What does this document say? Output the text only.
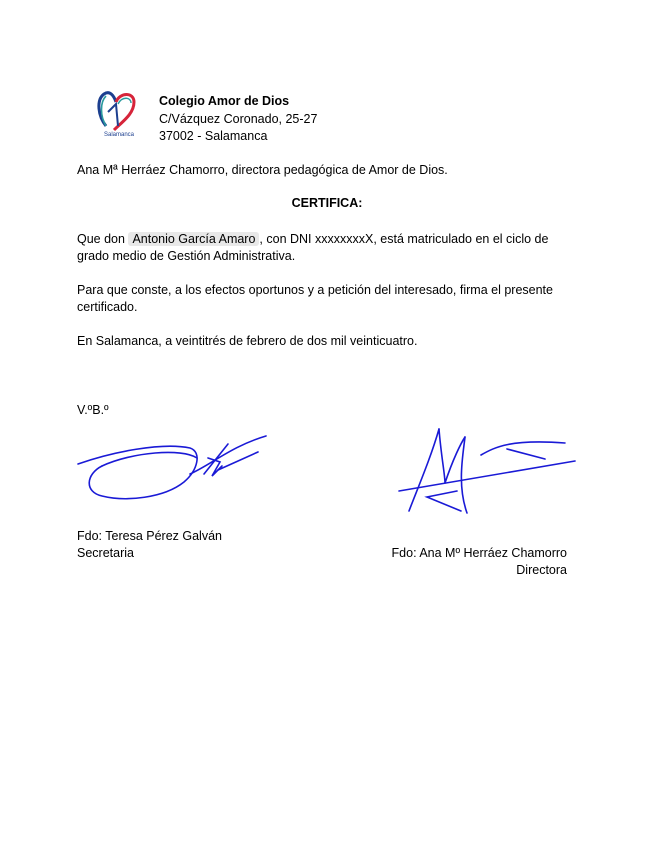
Salamanca
Colegio Amor de Dios
C/Vázquez Coronado, 25-27
37002 - Salamanca
Ana Mª Herráez Chamorro, directora pedagógica de Amor de Dios.
CERTIFICA:
Que don Antonio García Amaro , con DNI xxxxxxxxX, está matriculado en el ciclo de grado medio de Gestión Administrativa.
Para que conste, a los efectos oportunos y a petición del interesado, firma el presente certificado.
En Salamanca, a veintitrés de febrero de dos mil veinticuatro.
V.ºB.º
Fdo: Teresa Pérez Galván
Secretaria	Fdo: Ana Mº Herráez Chamorro
Directora
